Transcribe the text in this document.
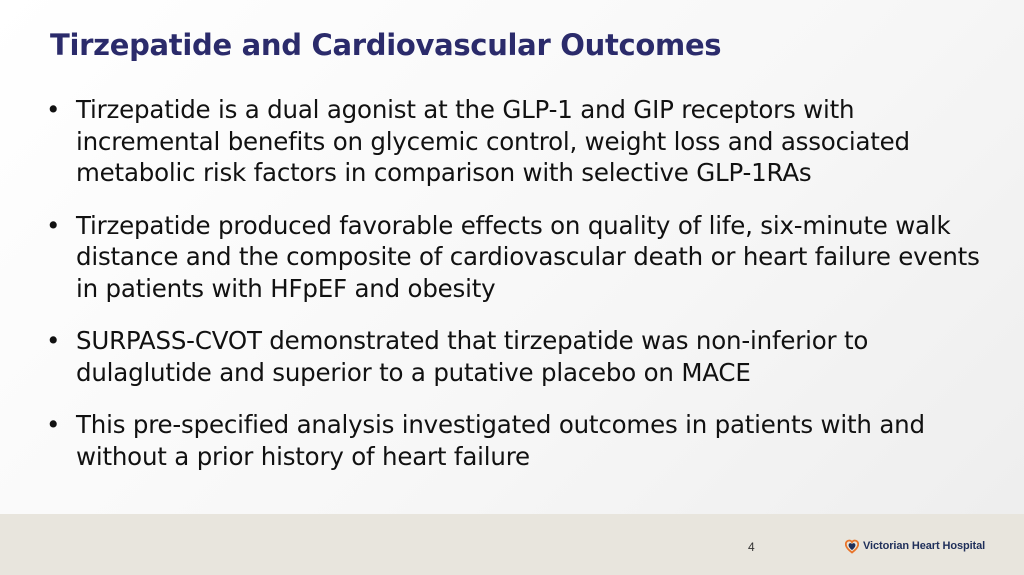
Tirzepatide and Cardiovascular Outcomes
• Tirzepatide is a dual agonist at the GLP-1 and GIP receptors with incremental benefits on glycemic control, weight loss and associated metabolic risk factors in comparison with selective GLP-1RAs
• Tirzepatide produced favorable effects on quality of life, six-minute walk distance and the composite of cardiovascular death or heart failure events in patients with HFpEF and obesity
• SURPASS-CVOT demonstrated that tirzepatide was non-inferior to dulaglutide and superior to a putative placebo on MACE
• This pre-specified analysis investigated outcomes in patients with and without a prior history of heart failure
4	Victorian Heart Hospital
